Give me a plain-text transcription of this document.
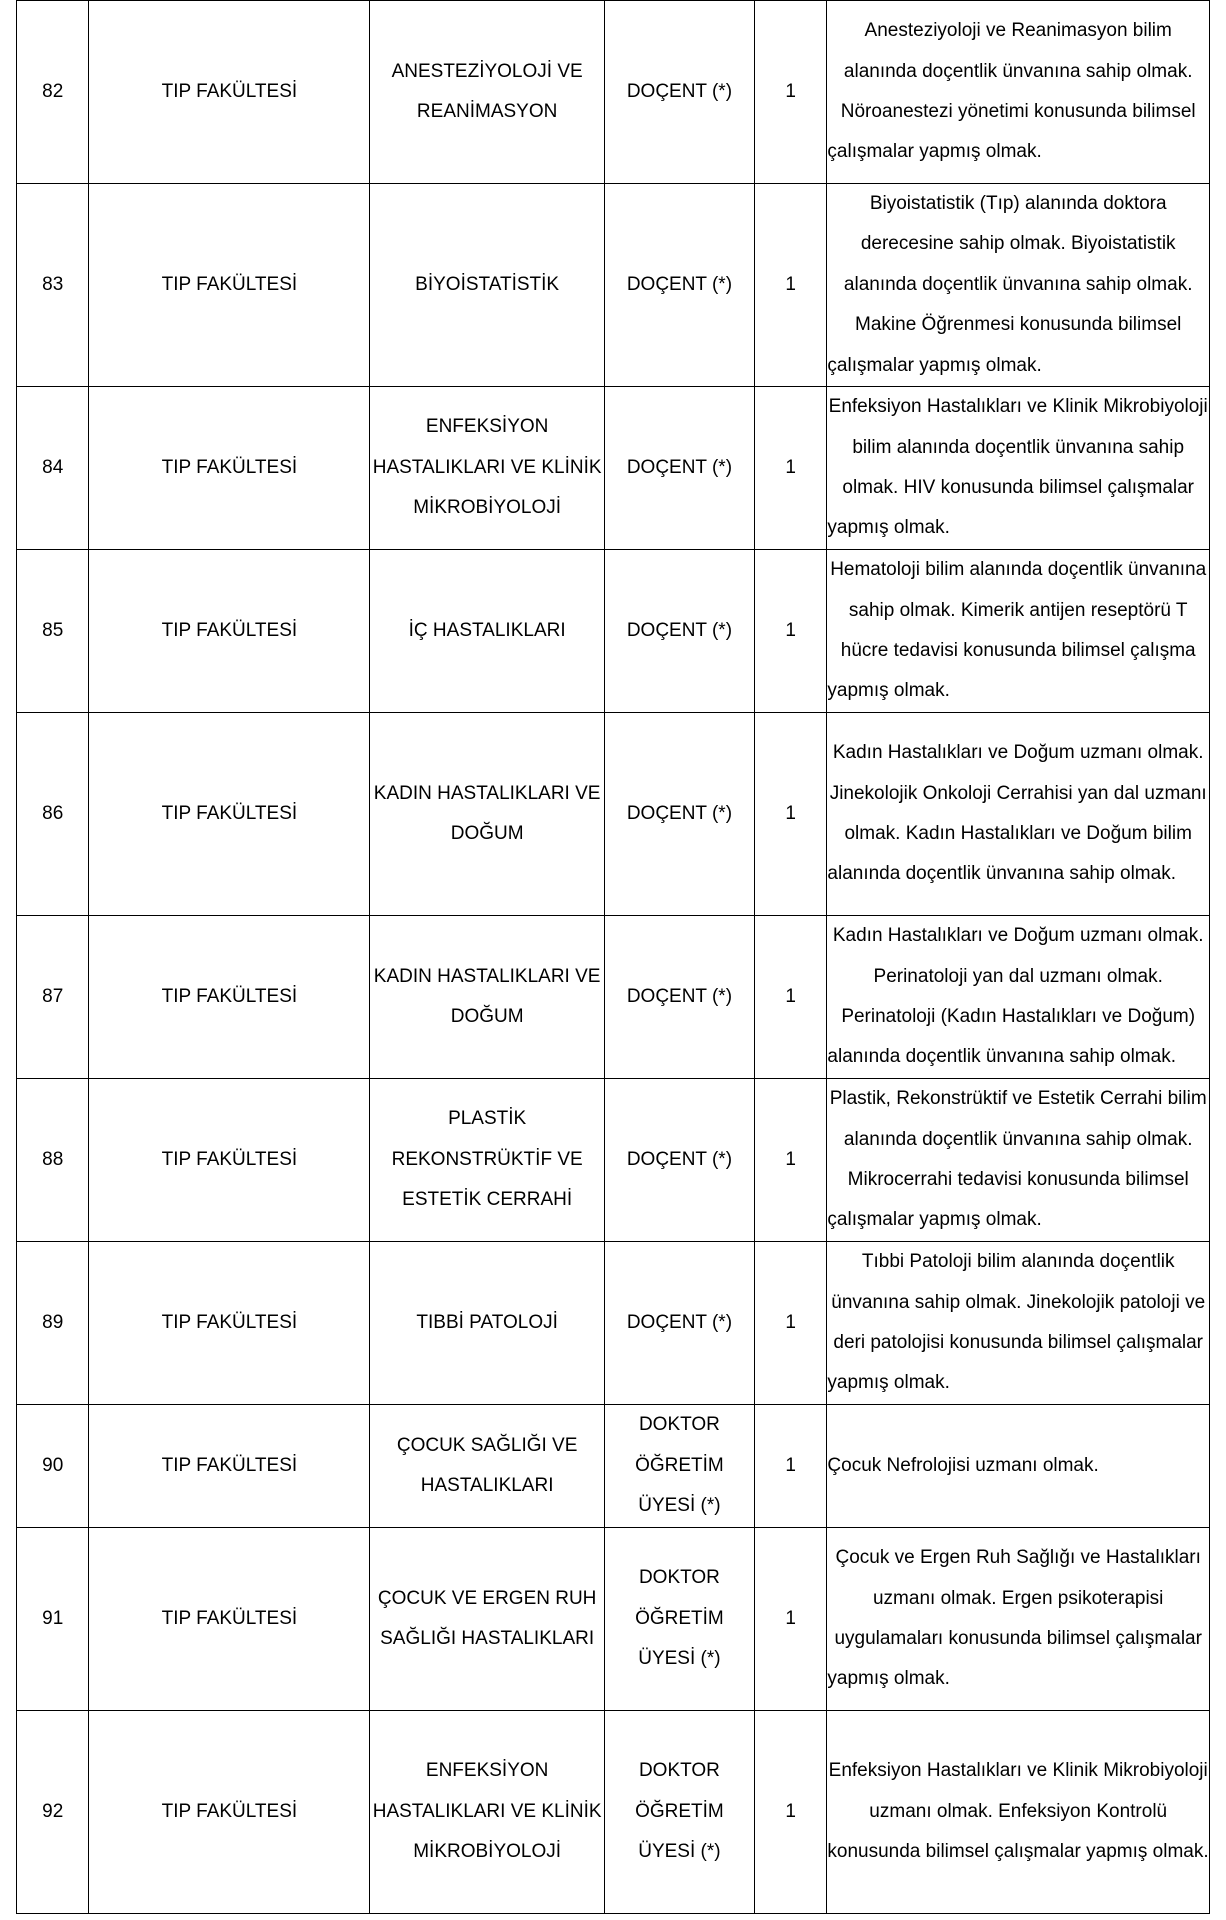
82	TIP FAKÜLTESİ	ANESTEZİYOLOJİ VE REANİMASYON	DOÇENT (*)	1	Anesteziyoloji ve Reanimasyon bilim alanında doçentlik ünvanına sahip olmak. Nöroanestezi yönetimi konusunda bilimsel çalışmalar yapmış olmak.
83	TIP FAKÜLTESİ	BİYOİSTATİSTİK	DOÇENT (*)	1	Biyoistatistik (Tıp) alanında doktora derecesine sahip olmak. Biyoistatistik alanında doçentlik ünvanına sahip olmak. Makine Öğrenmesi konusunda bilimsel çalışmalar yapmış olmak.
84	TIP FAKÜLTESİ	ENFEKSİYON HASTALIKLARI VE KLİNİK MİKROBİYOLOJİ	DOÇENT (*)	1	Enfeksiyon Hastalıkları ve Klinik Mikrobiyoloji bilim alanında doçentlik ünvanına sahip olmak. HIV konusunda bilimsel çalışmalar yapmış olmak.
85	TIP FAKÜLTESİ	İÇ HASTALIKLARI	DOÇENT (*)	1	Hematoloji bilim alanında doçentlik ünvanına sahip olmak. Kimerik antijen reseptörü T hücre tedavisi konusunda bilimsel çalışma yapmış olmak.
86	TIP FAKÜLTESİ	KADIN HASTALIKLARI VE DOĞUM	DOÇENT (*)	1	Kadın Hastalıkları ve Doğum uzmanı olmak. Jinekolojik Onkoloji Cerrahisi yan dal uzmanı olmak. Kadın Hastalıkları ve Doğum bilim alanında doçentlik ünvanına sahip olmak.
87	TIP FAKÜLTESİ	KADIN HASTALIKLARI VE DOĞUM	DOÇENT (*)	1	Kadın Hastalıkları ve Doğum uzmanı olmak. Perinatoloji yan dal uzmanı olmak. Perinatoloji (Kadın Hastalıkları ve Doğum) alanında doçentlik ünvanına sahip olmak.
88	TIP FAKÜLTESİ	PLASTİK REKONSTRÜKTİF VE ESTETİK CERRAHİ	DOÇENT (*)	1	Plastik, Rekonstrüktif ve Estetik Cerrahi bilim alanında doçentlik ünvanına sahip olmak. Mikrocerrahi tedavisi konusunda bilimsel çalışmalar yapmış olmak.
89	TIP FAKÜLTESİ	TIBBİ PATOLOJİ	DOÇENT (*)	1	Tıbbi Patoloji bilim alanında doçentlik ünvanına sahip olmak. Jinekolojik patoloji ve deri patolojisi konusunda bilimsel çalışmalar yapmış olmak.
90	TIP FAKÜLTESİ	ÇOCUK SAĞLIĞI VE HASTALIKLARI	DOKTOR ÖĞRETİM ÜYESİ (*)	1	Çocuk Nefrolojisi uzmanı olmak.
91	TIP FAKÜLTESİ	ÇOCUK VE ERGEN RUH SAĞLIĞI HASTALIKLARI	DOKTOR ÖĞRETİM ÜYESİ (*)	1	Çocuk ve Ergen Ruh Sağlığı ve Hastalıkları uzmanı olmak. Ergen psikoterapisi uygulamaları konusunda bilimsel çalışmalar yapmış olmak.
92	TIP FAKÜLTESİ	ENFEKSİYON HASTALIKLARI VE KLİNİK MİKROBİYOLOJİ	DOKTOR ÖĞRETİM ÜYESİ (*)	1	Enfeksiyon Hastalıkları ve Klinik Mikrobiyoloji uzmanı olmak. Enfeksiyon Kontrolü konusunda bilimsel çalışmalar yapmış olmak.
